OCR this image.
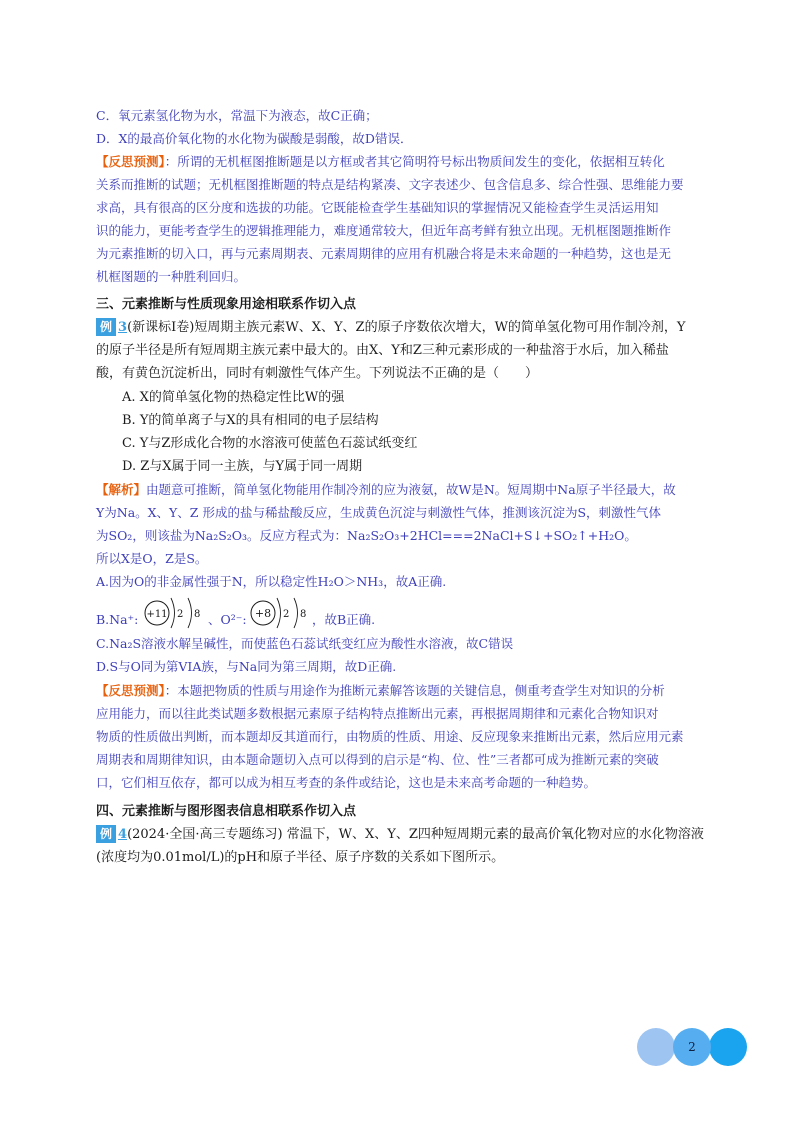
C．氧元素氢化物为水，常温下为液态，故C正确；
D．X的最高价氧化物的水化物为碳酸是弱酸，故D错误．
【反思预测】：所谓的无机框图推断题是以方框或者其它简明符号标出物质间发生的变化，依据相互转化
关系而推断的试题；无机框图推断题的特点是结构紧凑、文字表述少、包含信息多、综合性强、思维能力要
求高，具有很高的区分度和选拔的功能。它既能检查学生基础知识的掌握情况又能检查学生灵活运用知
识的能力，更能考查学生的逻辑推理能力，难度通常较大，但近年高考鲜有独立出现。无机框图题推断作
为元素推断的切入口，再与元素周期表、元素周期律的应用有机融合将是未来命题的一种趋势，这也是无
机框图题的一种胜利回归。
三、元素推断与性质现象用途相联系作切入点
例 3(新课标Ⅰ卷)短周期主族元素W、X、Y、Z的原子序数依次增大，W的简单氢化物可用作制冷剂，Y
的原子半径是所有短周期主族元素中最大的。由X、Y和Z三种元素形成的一种盐溶于水后，加入稀盐
酸，有黄色沉淀析出，同时有刺激性气体产生。下列说法不正确的是（　　）
A. X的简单氢化物的热稳定性比W的强
B. Y的简单离子与X的具有相同的电子层结构
C. Y与Z形成化合物的水溶液可使蓝色石蕊试纸变红
D. Z与X属于同一主族，与Y属于同一周期
【解析】由题意可推断，简单氢化物能用作制冷剂的应为液氨，故W是N。短周期中Na原子半径最大，故
Y为Na。X、Y、Z 形成的盐与稀盐酸反应，生成黄色沉淀与刺激性气体，推测该沉淀为S，刺激性气体
为SO₂，则该盐为Na₂S₂O₃。反应方程式为：Na₂S₂O₃+2HCl===2NaCl+S↓+SO₂↑+H₂O。
所以X是O，Z是S。
A.因为O的非金属性强于N，所以稳定性H₂O＞NH₃，故A正确.
B.Na⁺: +11 2 8 、O²⁻: +8 2 8 ，故B正确.
C.Na₂S溶液水解呈碱性，而使蓝色石蕊试纸变红应为酸性水溶液，故C错误
D.S与O同为第VIA族，与Na同为第三周期，故D正确.
【反思预测】：本题把物质的性质与用途作为推断元素解答该题的关键信息，侧重考查学生对知识的分析
应用能力，而以往此类试题多数根据元素原子结构特点推断出元素，再根据周期律和元素化合物知识对
物质的性质做出判断，而本题却反其道而行，由物质的性质、用途、反应现象来推断出元素，然后应用元素
周期表和周期律知识，由本题命题切入点可以得到的启示是“构、位、性”三者都可成为推断元素的突破
口，它们相互依存，都可以成为相互考查的条件或结论，这也是未来高考命题的一种趋势。
四、元素推断与图形图表信息相联系作切入点
例 4(2024·全国·高三专题练习) 常温下，W、X、Y、Z四种短周期元素的最高价氧化物对应的水化物溶液
(浓度均为0.01mol/L)的pH和原子半径、原子序数的关系如下图所示。
2
